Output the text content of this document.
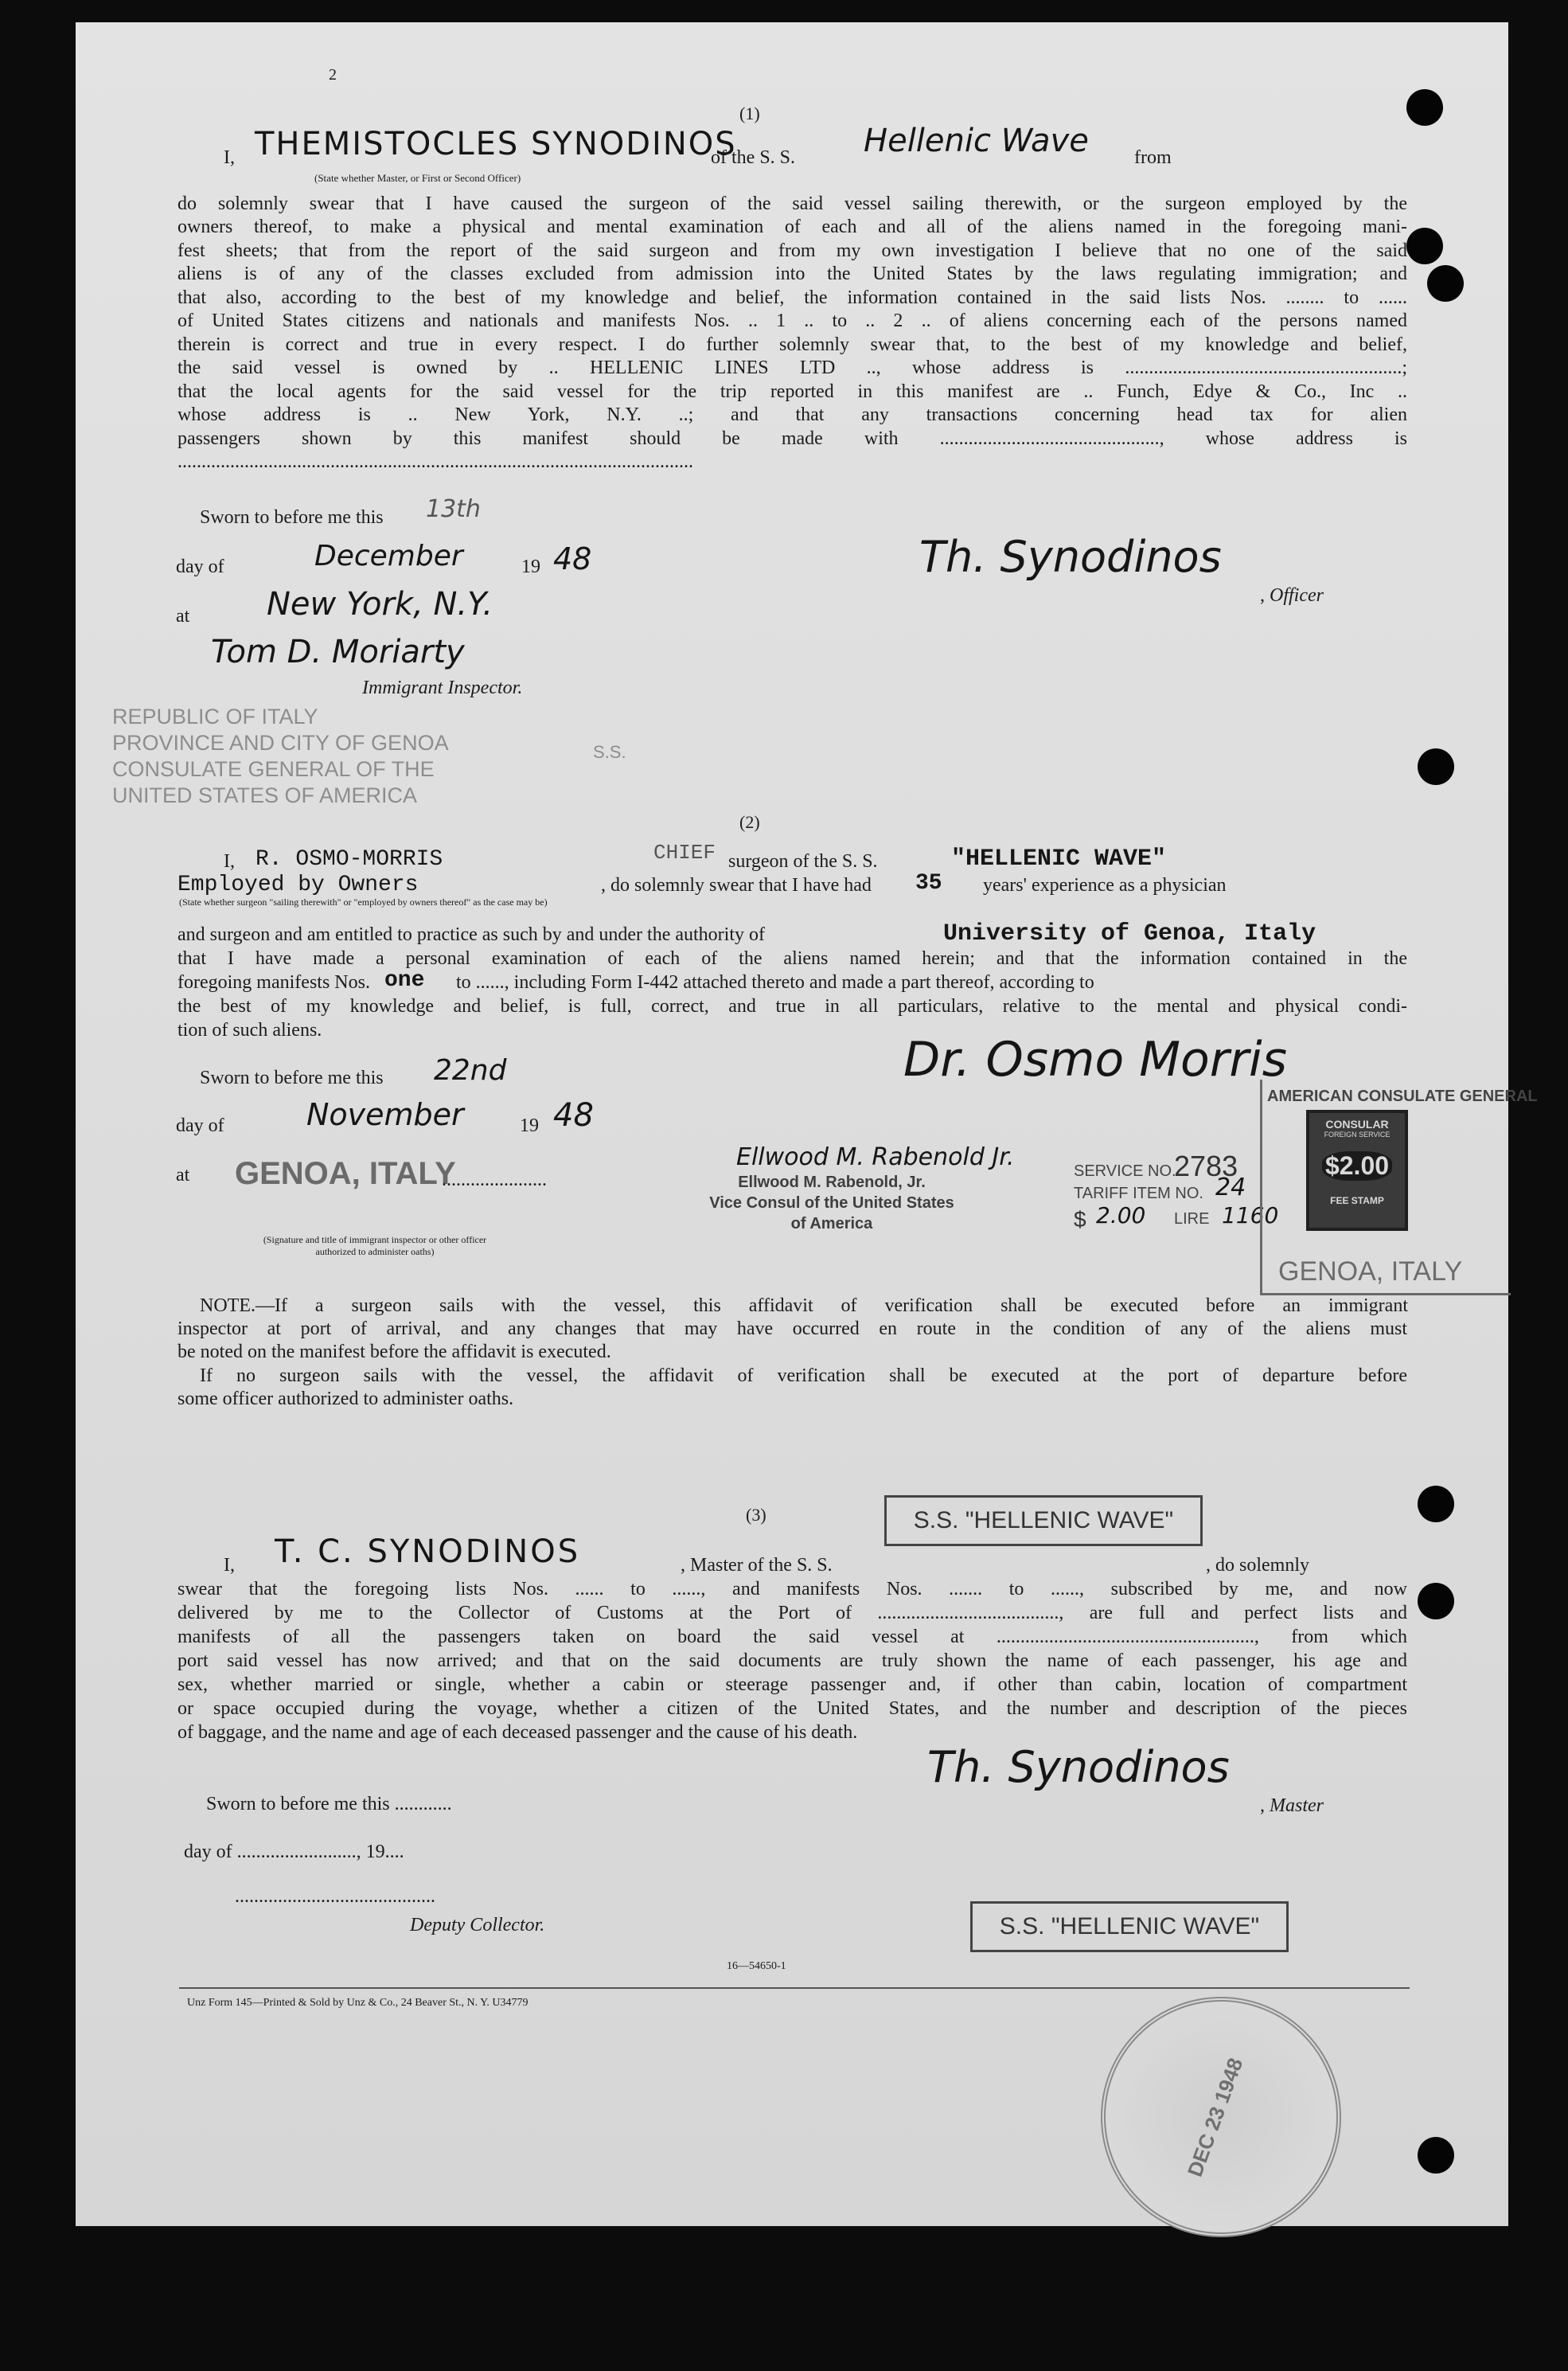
2
(1)
I, THEMISTOCLES SYNODINOS
of the S. S. Hellenic Wave from
(State whether Master, or First or Second Officer)
do solemnly swear that I have caused the surgeon of the said vessel sailing therewith, or the surgeon employed by the
owners thereof, to make a physical and mental examination of each and all of the aliens named in the foregoing mani-
fest sheets; that from the report of the said surgeon and from my own investigation I believe that no one of the said
aliens is of any of the classes excluded from admission into the United States by the laws regulating immigration; and
that also, according to the best of my knowledge and belief, the information contained in the said lists Nos. ........ to ......
of United States citizens and nationals and manifests Nos. .. 1 .. to .. 2 .. of aliens concerning each of the persons named
therein is correct and true in every respect. I do further solemnly swear that, to the best of my knowledge and belief,
the said vessel is owned by .. HELLENIC LINES LTD .., whose address is ..........................................................;
that the local agents for the said vessel for the trip reported in this manifest are .. Funch, Edye & Co., Inc ..
whose address is .. New York, N.Y. ..; and that any transactions concerning head tax for alien
passengers shown by this manifest should be made with .............................................., whose address is
............................................................................................................
Sworn to before me this 13th
day of	December	19 48
at New York, N.Y.
Tom D. Moriarty
Immigrant Inspector.
Th. Synodinos
, Officer
REPUBLIC OF ITALY
PROVINCE AND CITY OF GENOA
CONSULATE GENERAL OF THE
UNITED STATES OF AMERICA
S.S.
(2)
I, R. OSMO-MORRIS	CHIEF surgeon of the S. S.	"HELLENIC WAVE"
Employed by Owners	, do solemnly swear that I have had 35 years' experience as a physician
(State whether surgeon "sailing therewith" or "employed by owners thereof" as the case may be)
and surgeon and am entitled to practice as such by and under the authority of	University of Genoa, Italy
that I have made a personal examination of each of the aliens named herein; and that the information contained in the
foregoing manifests Nos. one to ......, including Form I-442 attached thereto and made a part thereof, according to
the best of my knowledge and belief, is full, correct, and true in all particulars, relative to the mental and physical condi-
tion of such aliens.
Sworn to before me this 22nd
day of	November	19 48
at GENOA, ITALY
......................
(Signature and title of immigrant inspector or other officer authorized to administer oaths)
Dr. Osmo Morris
Ellwood M. Rabenold Jr.
Ellwood M. Rabenold, Jr.
Vice Consul of the United States
of America
SERVICE NO.
2783
TARIFF ITEM NO. 24
$ 2.00 LIRE 1160
AMERICAN CONSULATE GENERAL
GENOA, ITALY
CONSULAR
FOREIGN SERVICE
$2.00
FEE STAMP
NOTE.—If a surgeon sails with the vessel, this affidavit of verification shall be executed before an immigrant
inspector at port of arrival, and any changes that may have occurred en route in the condition of any of the aliens must
be noted on the manifest before the affidavit is executed.
If no surgeon sails with the vessel, the affidavit of verification shall be executed at the port of departure before
some officer authorized to administer oaths.
(3)	S.S. "HELLENIC WAVE"
I, T. C. SYNODINOS	, Master of the S. S.	, do solemnly
swear that the foregoing lists Nos. ...... to ......, and manifests Nos. ....... to ......, subscribed by me, and now
delivered by me to the Collector of Customs at the Port of ......................................, are full and perfect lists and
manifests of all the passengers taken on board the said vessel at ......................................................, from which
port said vessel has now arrived; and that on the said documents are truly shown the name of each passenger, his age and
sex, whether married or single, whether a cabin or steerage passenger and, if other than cabin, location of compartment
or space occupied during the voyage, whether a citizen of the United States, and the number and description of the pieces
of baggage, and the name and age of each deceased passenger and the cause of his death.
Th. Synodinos
, Master
Sworn to before me this ............
day of ........................., 19....
..........................................
Deputy Collector.	S.S. "HELLENIC WAVE"
16—54650-1
Unz Form 145—Printed & Sold by Unz & Co., 24 Beaver St., N. Y. U34779
DEC 23 1948
